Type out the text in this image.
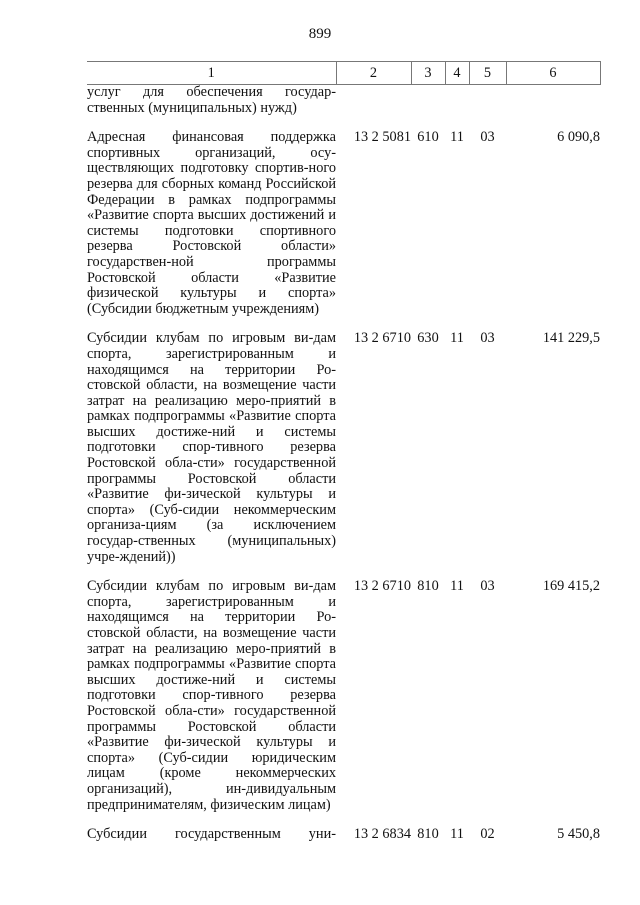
899
1	2	3	4	5	6
услуг для обеспечения государ-ственных (муниципальных) нужд)					

Адресная финансовая поддержка спортивных организаций, осу-ществляющих подготовку спортив-ного резерва для сборных команд Российской Федерации в рамках подпрограммы «Развитие спорта высших достижений и системы подготовки спортивного резерва Ростовской области» государствен-ной программы Ростовской области «Развитие физической культуры и спорта» (Субсидии бюджетным учреждениям)	13 2 5081	610	11	03	6 090,8

Субсидии клубам по игровым ви-дам спорта, зарегистрированным и находящимся на территории Ро-стовской области, на возмещение части затрат на реализацию меро-приятий в рамках подпрограммы «Развитие спорта высших достиже-ний и системы подготовки спор-тивного резерва Ростовской обла-сти» государственной программы Ростовской области «Развитие фи-зической культуры и спорта» (Суб-сидии некоммерческим организа-циям (за исключением государ-ственных (муниципальных) учре-ждений))	13 2 6710	630	11	03	141 229,5

Субсидии клубам по игровым ви-дам спорта, зарегистрированным и находящимся на территории Ро-стовской области, на возмещение части затрат на реализацию меро-приятий в рамках подпрограммы «Развитие спорта высших достиже-ний и системы подготовки спор-тивного резерва Ростовской обла-сти» государственной программы Ростовской области «Развитие фи-зической культуры и спорта» (Суб-сидии юридическим лицам (кроме некоммерческих организаций), ин-дивидуальным предпринимателям, физическим лицам)	13 2 6710	810	11	03	169 415,2

Субсидии государственным уни-	13 2 6834	810	11	02	5 450,8
